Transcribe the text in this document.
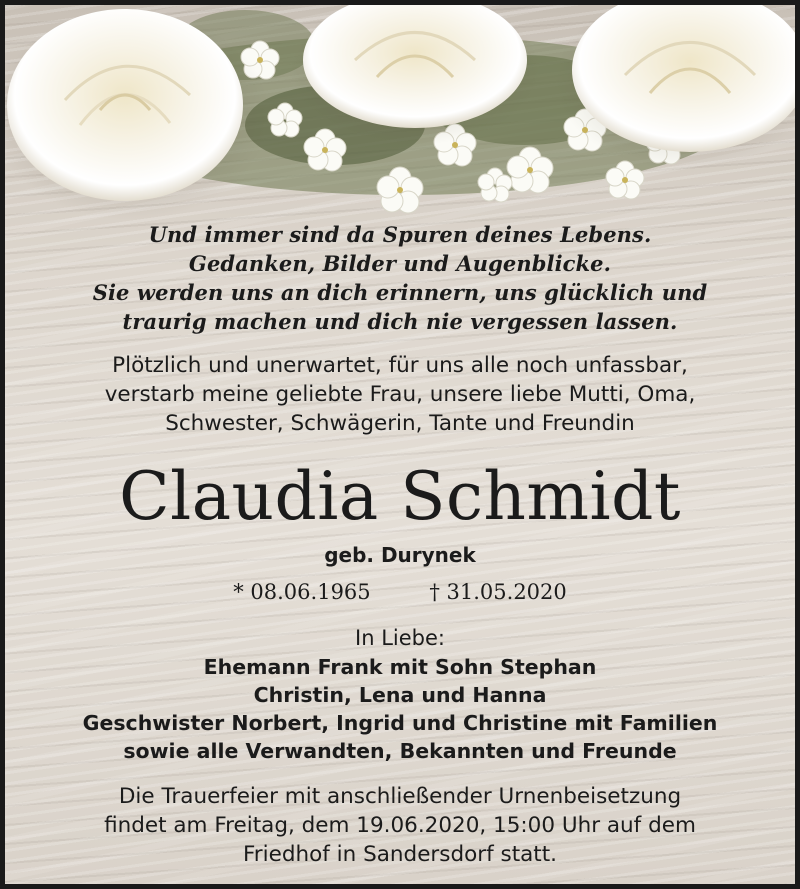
Und immer sind da Spuren deines Lebens.
Gedanken, Bilder und Augenblicke.
Sie werden uns an dich erinnern, uns glücklich und
traurig machen und dich nie vergessen lassen.
Plötzlich und unerwartet, für uns alle noch unfassbar,
verstarb meine geliebte Frau, unsere liebe Mutti, Oma,
Schwester, Schwägerin, Tante und Freundin
Claudia Schmidt
geb. Durynek
* 08.06.1965	† 31.05.2020
In Liebe:
Ehemann Frank mit Sohn Stephan
Christin, Lena und Hanna
Geschwister Norbert, Ingrid und Christine mit Familien
sowie alle Verwandten, Bekannten und Freunde
Die Trauerfeier mit anschließender Urnenbeisetzung
findet am Freitag, dem 19.06.2020, 15:00 Uhr auf dem
Friedhof in Sandersdorf statt.
